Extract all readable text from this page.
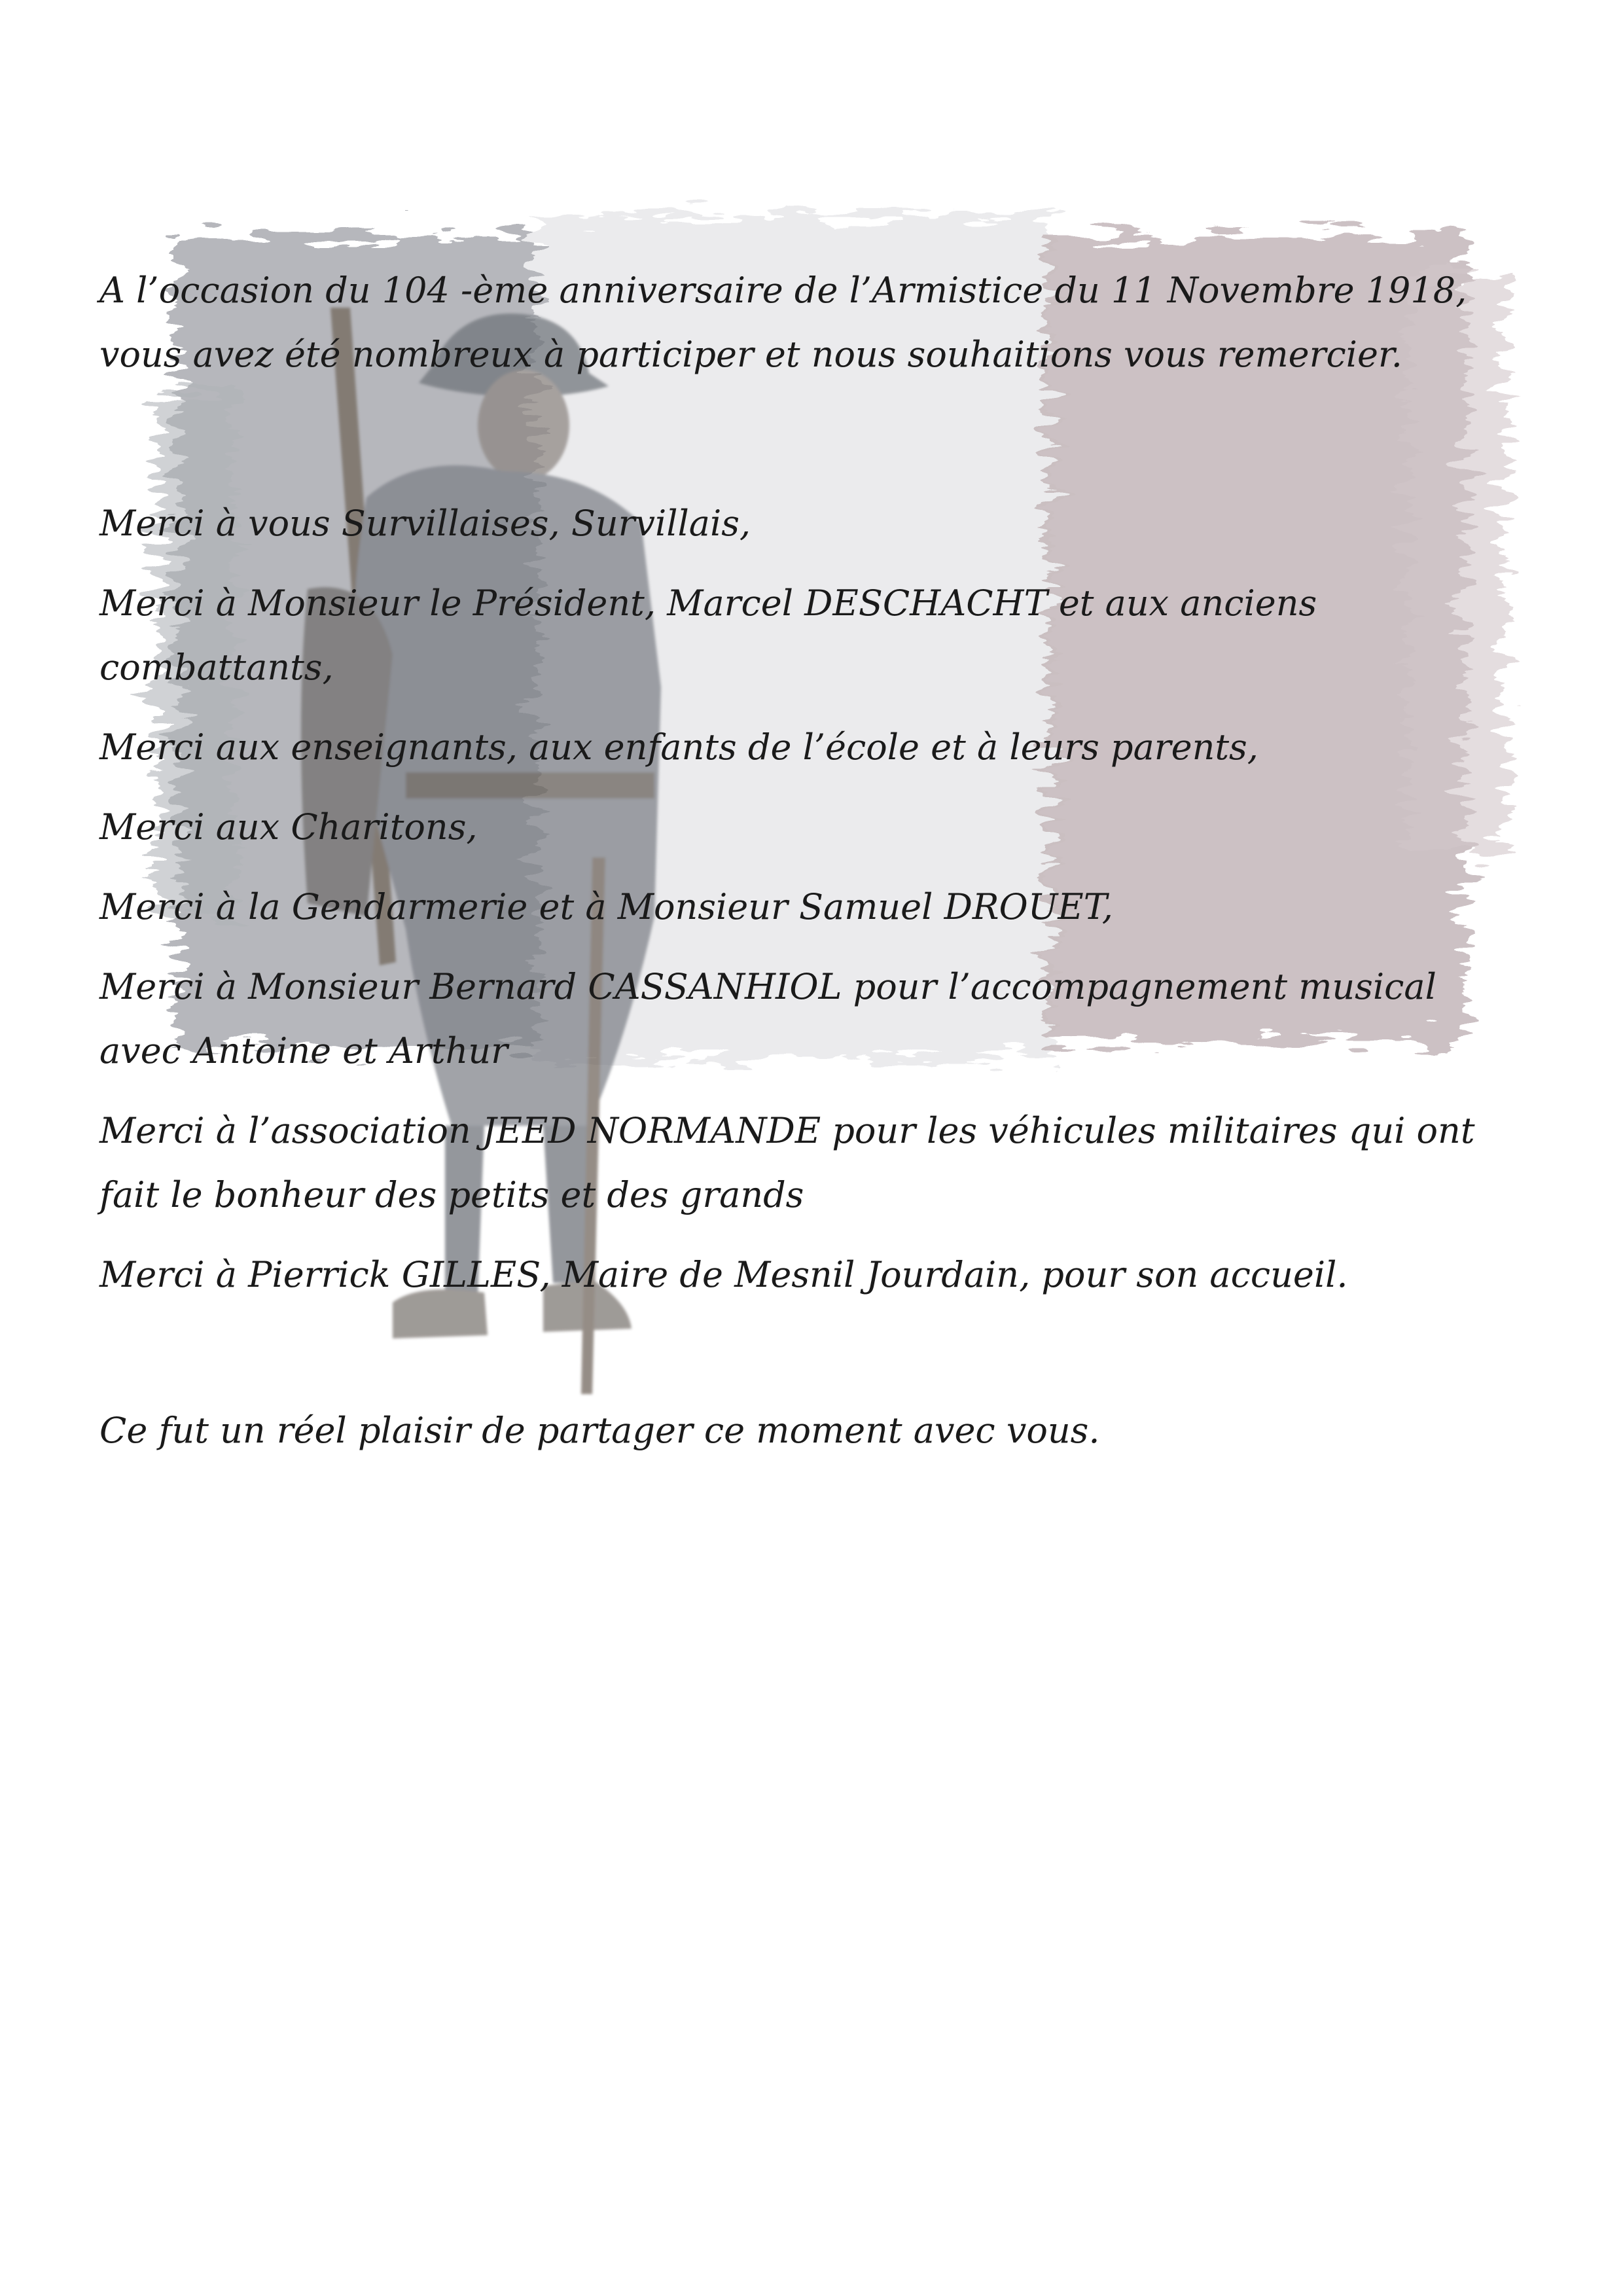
A l’occasion du 104 -ème anniversaire de l’Armistice du 11 Novembre 1918, vous avez été nombreux à participer et nous souhaitions vous remercier.

Merci à vous Survillaises, Survillais,

Merci à Monsieur le Président, Marcel DESCHACHT et aux anciens combattants,

Merci aux enseignants, aux enfants de l’école et à leurs parents,

Merci aux Charitons,

Merci à la Gendarmerie et à Monsieur Samuel DROUET,

Merci à Monsieur Bernard CASSANHIOL pour l’accompagnement musical avec Antoine et Arthur

Merci à l’association JEED NORMANDE pour les véhicules militaires qui ont fait le bonheur des petits et des grands

Merci à Pierrick GILLES, Maire de Mesnil Jourdain, pour son accueil.

Ce fut un réel plaisir de partager ce moment avec vous.
